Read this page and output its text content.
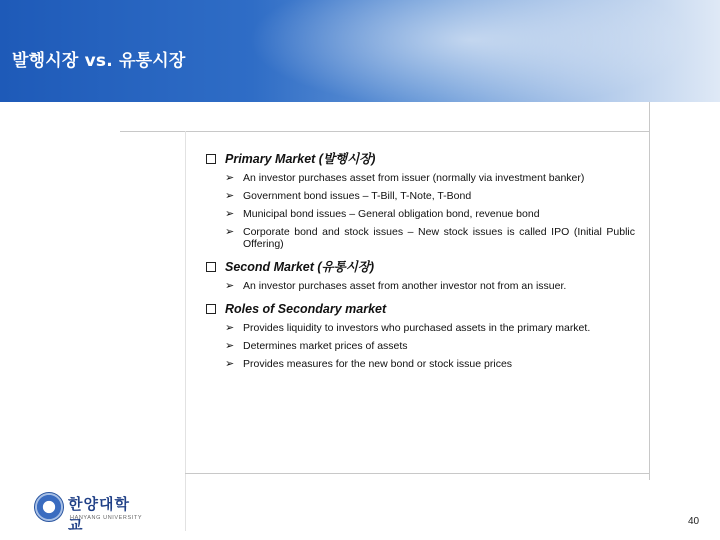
발행시장 vs. 유통시장
Primary Market (발행시장)
➢ An investor purchases asset from issuer (normally via investment banker)
➢ Government bond issues – T-Bill, T-Note, T-Bond
➢ Municipal bond issues – General obligation bond, revenue bond
➢ Corporate bond and stock issues – New stock issues is called IPO (Initial Public Offering)
Second Market (유통시장)
➢ An investor purchases asset from another investor not from an issuer.
Roles of Secondary market
➢ Provides liquidity to investors who purchased assets in the primary market.
➢ Determines market prices of assets
➢ Provides measures for the new bond or stock issue prices
한양대학교
HANYANG UNIVERSITY	40
